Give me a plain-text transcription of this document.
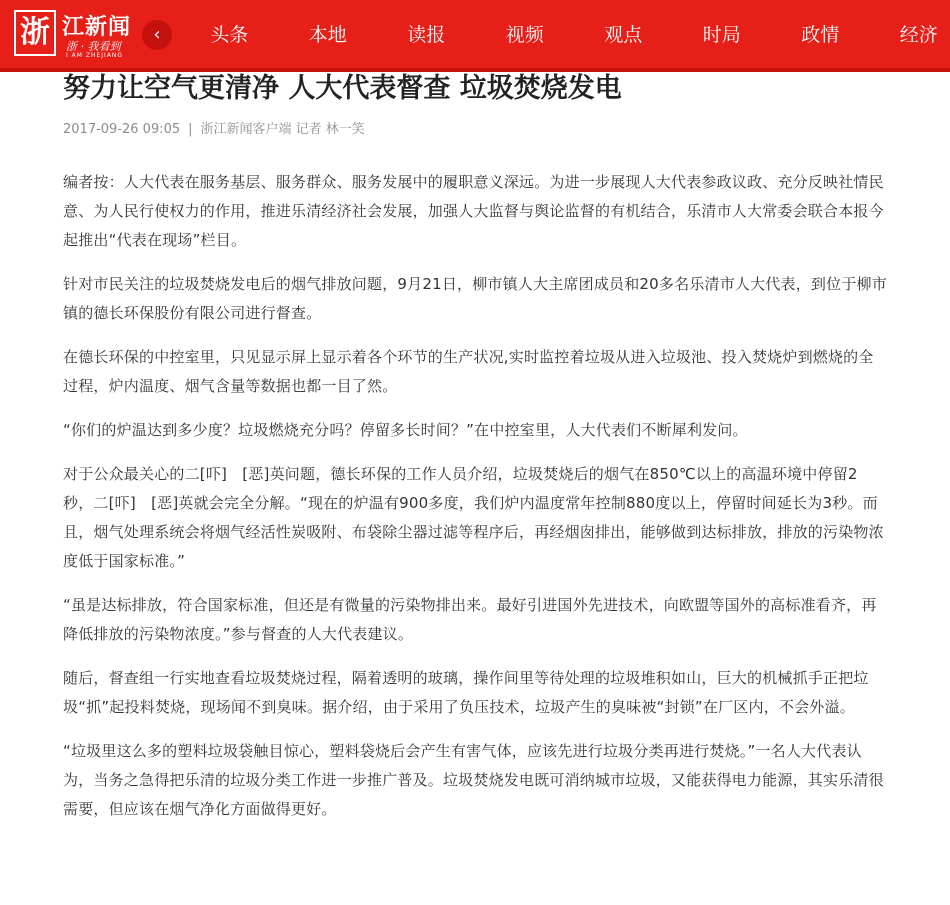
浙 江新闻
浙 · 我看到
I AM ZHEJIANG
‹	头条	本地	读报	视频	观点	时局	政情	经济
努力让空气更清净 人大代表督查 垃圾焚烧发电
2017-09-26 09:05 | 浙江新闻客户端 记者 林一笑

编者按：人大代表在服务基层、服务群众、服务发展中的履职意义深远。为进一步展现人大代表参政议政、充分反映社情民意、为人民行使权力的作用，推进乐清经济社会发展，加强人大监督与舆论监督的有机结合，乐清市人大常委会联合本报今起推出“代表在现场”栏目。

针对市民关注的垃圾焚烧发电后的烟气排放问题，9月21日，柳市镇人大主席团成员和20多名乐清市人大代表，到位于柳市镇的德长环保股份有限公司进行督查。

在德长环保的中控室里，只见显示屏上显示着各个环节的生产状况,实时监控着垃圾从进入垃圾池、投入焚烧炉到燃烧的全过程，炉内温度、烟气含量等数据也都一目了然。

“你们的炉温达到多少度？垃圾燃烧充分吗？停留多长时间？”在中控室里，人大代表们不断犀利发问。

对于公众最关心的二[吓]　[恶]英问题，德长环保的工作人员介绍，垃圾焚烧后的烟气在850℃以上的高温环境中停留2秒，二[吓]　[恶]英就会完全分解。“现在的炉温有900多度，我们炉内温度常年控制880度以上，停留时间延长为3秒。而且，烟气处理系统会将烟气经活性炭吸附、布袋除尘器过滤等程序后，再经烟囱排出，能够做到达标排放，排放的污染物浓度低于国家标准。”

“虽是达标排放，符合国家标准，但还是有微量的污染物排出来。最好引进国外先进技术，向欧盟等国外的高标准看齐，再降低排放的污染物浓度。”参与督查的人大代表建议。

随后，督查组一行实地查看垃圾焚烧过程，隔着透明的玻璃，操作间里等待处理的垃圾堆积如山，巨大的机械抓手正把垃圾“抓”起投料焚烧，现场闻不到臭味。据介绍，由于采用了负压技术，垃圾产生的臭味被“封锁”在厂区内，不会外溢。

“垃圾里这么多的塑料垃圾袋触目惊心，塑料袋烧后会产生有害气体，应该先进行垃圾分类再进行焚烧。”一名人大代表认为，当务之急得把乐清的垃圾分类工作进一步推广普及。垃圾焚烧发电既可消纳城市垃圾，又能获得电力能源，其实乐清很需要，但应该在烟气净化方面做得更好。
